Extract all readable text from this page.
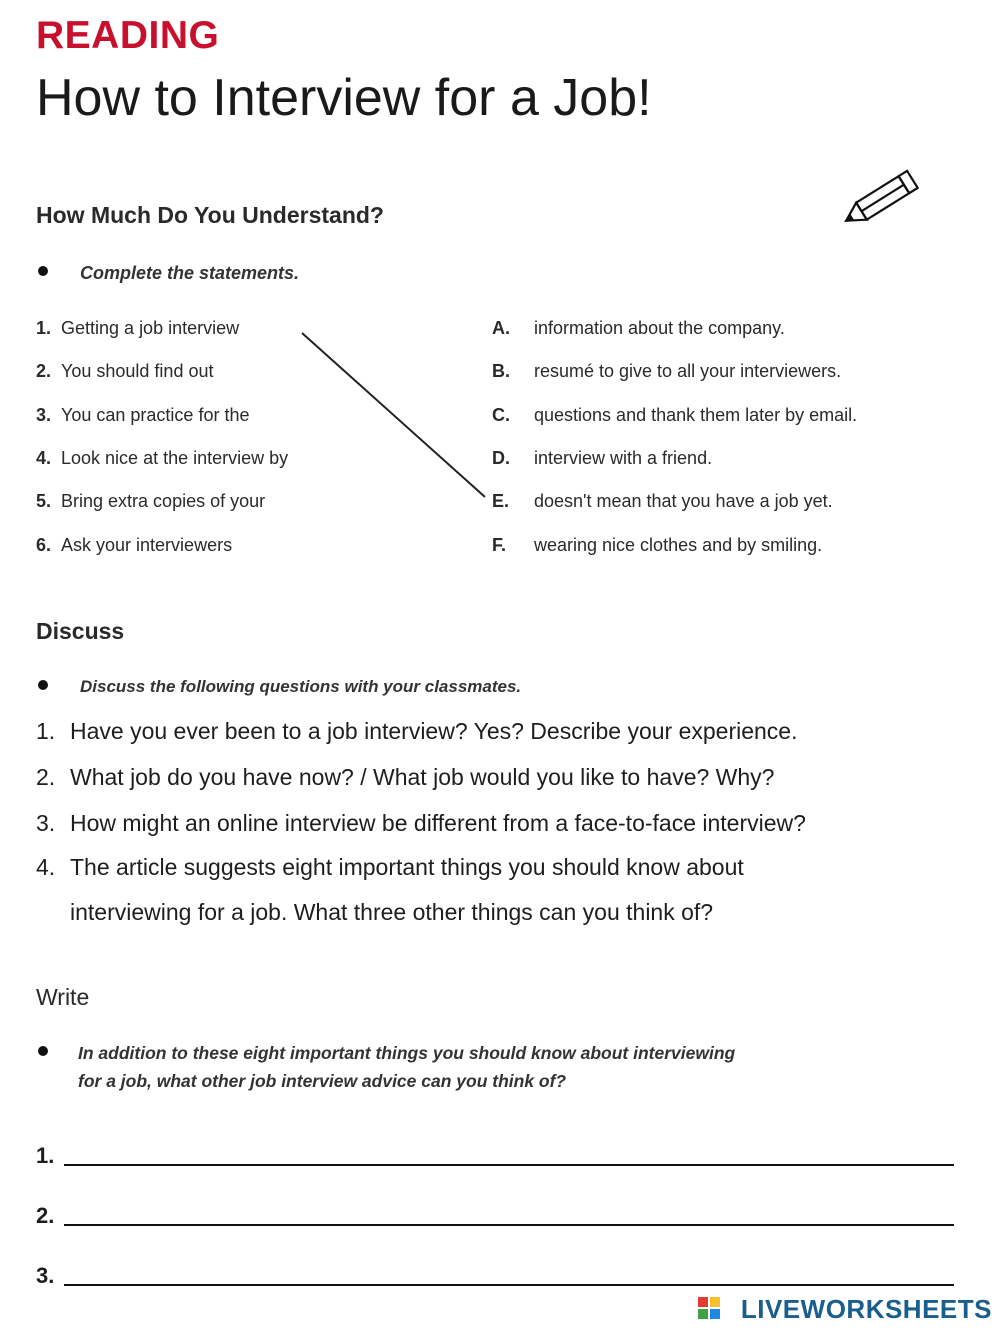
READING
How to Interview for a Job!
How Much Do You Understand?
Complete the statements.
1. Getting a job interview
2. You should find out
3. You can practice for the
4. Look nice at the interview by
5. Bring extra copies of your
6. Ask your interviewers
A. information about the company.
B. resumé to give to all your interviewers.
C. questions and thank them later by email.
D. interview with a friend.
E. doesn't mean that you have a job yet.
F. wearing nice clothes and by smiling.
Discuss
Discuss the following questions with your classmates.
1. Have you ever been to a job interview? Yes? Describe your experience.
2. What job do you have now? / What job would you like to have? Why?
3. How might an online interview be different from a face-to-face interview?
4. The article suggests eight important things you should know about
interviewing for a job. What three other things can you think of?
Write
In addition to these eight important things you should know about interviewing
for a job, what other job interview advice can you think of?
1.
2.
3.
LIVEWORKSHEETS
